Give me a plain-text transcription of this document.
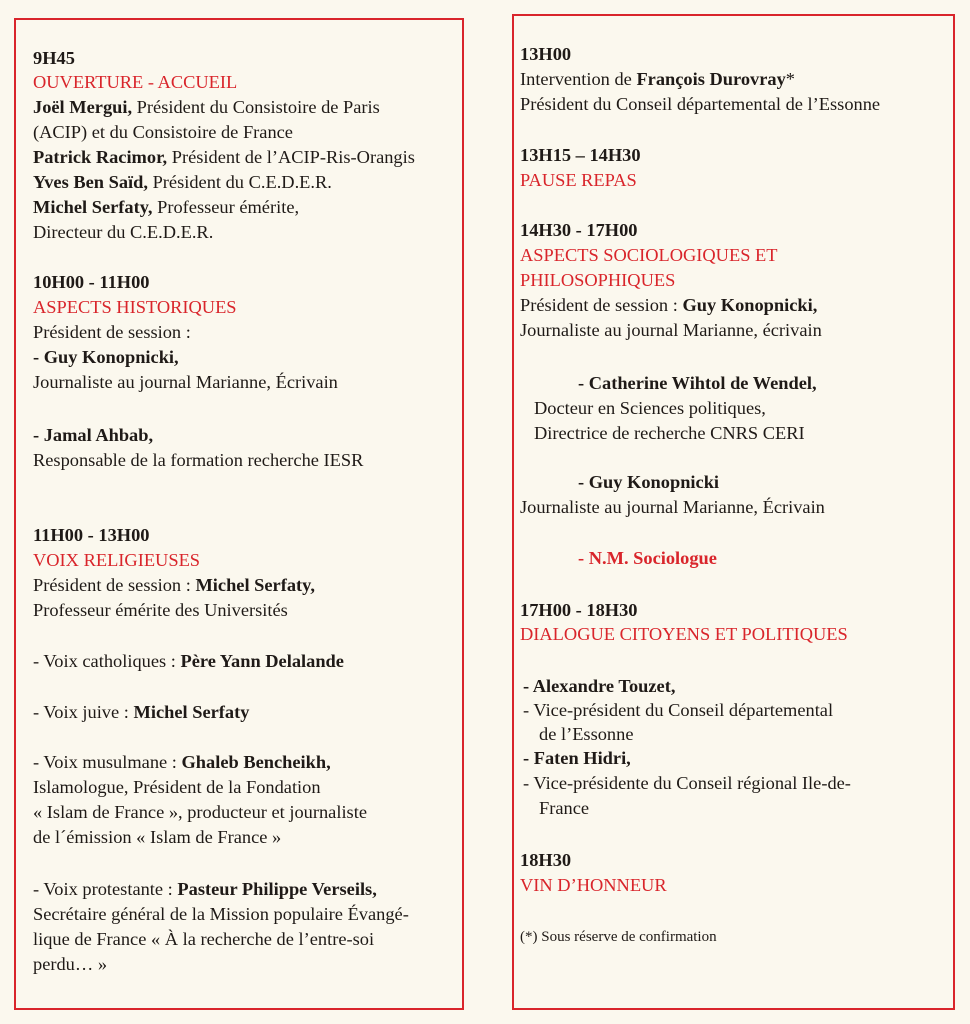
9H45
OUVERTURE - ACCUEIL
Joël Mergui, Président du Consistoire de Paris
(ACIP) et du Consistoire de France
Patrick Racimor, Président de l’ACIP-Ris-Orangis
Yves Ben Saïd, Président du C.E.D.E.R.
Michel Serfaty, Professeur émérite,
Directeur du C.E.D.E.R.
10H00 - 11H00
ASPECTS HISTORIQUES
Président de session :
- Guy Konopnicki,
Journaliste au journal Marianne, Écrivain
- Jamal Ahbab,
Responsable de la formation recherche IESR
11H00 - 13H00
VOIX RELIGIEUSES
Président de session : Michel Serfaty,
Professeur émérite des Universités
- Voix catholiques : Père Yann Delalande
- Voix juive : Michel Serfaty
- Voix musulmane : Ghaleb Bencheikh,
Islamologue, Président de la Fondation
« Islam de France », producteur et journaliste
de l´émission « Islam de France »
- Voix protestante : Pasteur Philippe Verseils,
Secrétaire général de la Mission populaire Évangé-
lique de France « À la recherche de l’entre-soi
perdu… »
13H00
Intervention de François Durovray*
Président du Conseil départemental de l’Essonne
13H15 – 14H30
PAUSE REPAS
14H30 - 17H00
ASPECTS SOCIOLOGIQUES ET
PHILOSOPHIQUES
Président de session : Guy Konopnicki,
Journaliste au journal Marianne, écrivain
- Catherine Wihtol de Wendel,
Docteur en Sciences politiques,
Directrice de recherche CNRS CERI
- Guy Konopnicki
Journaliste au journal Marianne, Écrivain
- N.M. Sociologue
17H00 - 18H30
DIALOGUE CITOYENS ET POLITIQUES
- Alexandre Touzet,
- Vice-président du Conseil départemental
de l’Essonne
- Faten Hidri,
- Vice-présidente du Conseil régional Ile-de-
France
18H30
VIN D’HONNEUR
(*) Sous réserve de confirmation
